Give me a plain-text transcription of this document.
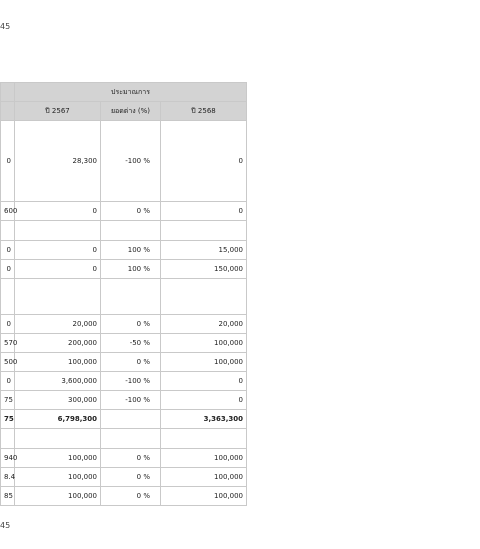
45
	ประมาณการ		
	ปี 2567	ยอดต่าง (%)	ปี 2568
0	28,300	-100 %	0
600	0	0 %	0

0	0	100 %	15,000
0	0	100 %	150,000

0	20,000	0 %	20,000
570	200,000	-50 %	100,000
500	100,000	0 %	100,000
0	3,600,000	-100 %	0
75	300,000	-100 %	0
75	6,798,300		3,363,300

940	100,000	0 %	100,000
8.4	100,000	0 %	100,000
85	100,000	0 %	100,000
45
